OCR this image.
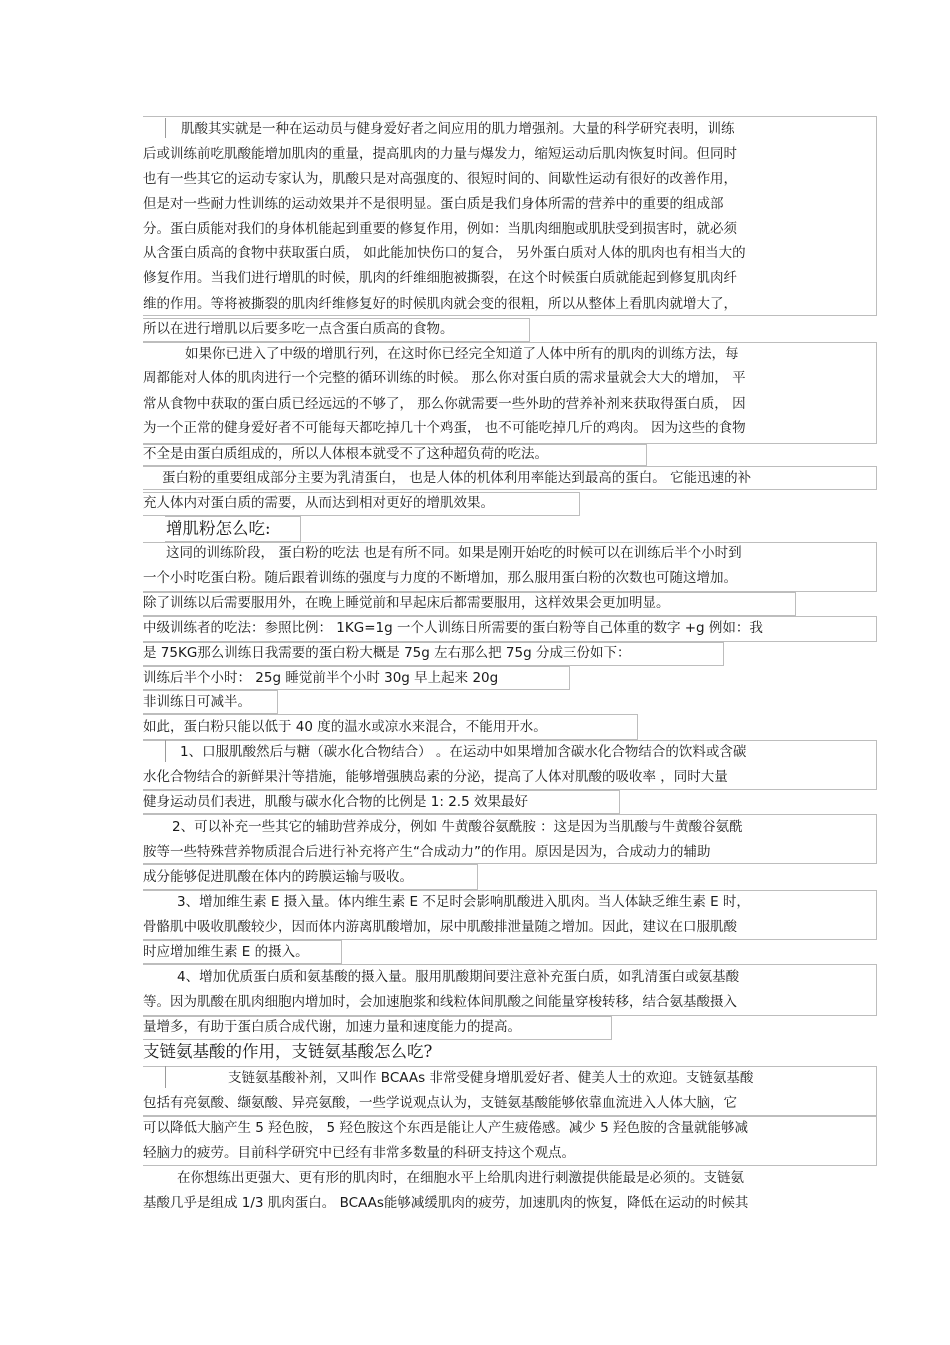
肌酸其实就是一种在运动员与健身爱好者之间应用的肌力增强剂。大量的科学研究表明，训练
后或训练前吃肌酸能增加肌肉的重量，提高肌肉的力量与爆发力，缩短运动后肌肉恢复时间。但同时
也有一些其它的运动专家认为，肌酸只是对高强度的、很短时间的、间歇性运动有很好的改善作用，
但是对一些耐力性训练的运动效果并不是很明显。蛋白质是我们身体所需的营养中的重要的组成部
分。蛋白质能对我们的身体机能起到重要的修复作用，例如：当肌肉细胞或肌肤受到损害时，就必须
从含蛋白质高的食物中获取蛋白质， 如此能加快伤口的复合， 另外蛋白质对人体的肌肉也有相当大的
修复作用。当我们进行增肌的时候，肌肉的纤维细胞被撕裂，在这个时候蛋白质就能起到修复肌肉纤
维的作用。等将被撕裂的肌肉纤维修复好的时候肌肉就会变的很粗，所以从整体上看肌肉就增大了，
所以在进行增肌以后要多吃一点含蛋白质高的食物。
如果你已进入了中级的增肌行列，在这时你已经完全知道了人体中所有的肌肉的训练方法，每
周都能对人体的肌肉进行一个完整的循环训练的时候。 那么你对蛋白质的需求量就会大大的增加， 平
常从食物中获取的蛋白质已经远远的不够了， 那么你就需要一些外助的营养补剂来获取得蛋白质， 因
为一个正常的健身爱好者不可能每天都吃掉几十个鸡蛋， 也不可能吃掉几斤的鸡肉。 因为这些的食物
不全是由蛋白质组成的，所以人体根本就受不了这种超负荷的吃法。
蛋白粉的重要组成部分主要为乳清蛋白， 也是人体的机体利用率能达到最高的蛋白。 它能迅速的补
充人体内对蛋白质的需要，从而达到相对更好的增肌效果。
增肌粉怎么吃:
这同的训练阶段， 蛋白粉的吃法 也是有所不同。如果是刚开始吃的时候可以在训练后半个小时到
一个小时吃蛋白粉。随后跟着训练的强度与力度的不断增加，那么服用蛋白粉的次数也可随这增加。
除了训练以后需要服用外，在晚上睡觉前和早起床后都需要服用，这样效果会更加明显。
中级训练者的吃法：参照比例： 1KG=1g 一个人训练日所需要的蛋白粉等自己体重的数字 +g 例如：我
是 75KG那么训练日我需要的蛋白粉大概是 75g 左右那么把 75g 分成三份如下：
训练后半个小时： 25g 睡觉前半个小时 30g 早上起来 20g
非训练日可减半。
如此，蛋白粉只能以低于 40 度的温水或凉水来混合，不能用开水。
1、口服肌酸然后与糖（碳水化合物结合） 。在运动中如果增加含碳水化合物结合的饮料或含碳
水化合物结合的新鲜果汁等措施，能够增强胰岛素的分泌，提高了人体对肌酸的吸收率 ，同时大量
健身运动员们表进，肌酸与碳水化合物的比例是 1: 2.5 效果最好
2、可以补充一些其它的辅助营养成分，例如 牛黄酸谷氨酰胺 ：这是因为当肌酸与牛黄酸谷氨酰
胺等一些特殊营养物质混合后进行补充将产生“合成动力”的作用。原因是因为，合成动力的辅助
成分能够促进肌酸在体内的跨膜运输与吸收。
3、增加维生素 E 摄入量。体内维生素 E 不足时会影响肌酸进入肌肉。当人体缺乏维生素 E 时，
骨骼肌中吸收肌酸较少，因而体内游离肌酸增加，尿中肌酸排泄量随之增加。因此，建议在口服肌酸
时应增加维生素 E 的摄入。
4、增加优质蛋白质和氨基酸的摄入量。服用肌酸期间要注意补充蛋白质，如乳清蛋白或氨基酸
等。因为肌酸在肌肉细胞内增加时，会加速胞浆和线粒体间肌酸之间能量穿梭转移，结合氨基酸摄入
量增多，有助于蛋白质合成代谢，加速力量和速度能力的提高。
支链氨基酸的作用，支链氨基酸怎么吃?
支链氨基酸补剂，又叫作 BCAAs 非常受健身增肌爱好者、健美人士的欢迎。支链氨基酸
包括有亮氨酸、缬氨酸、异亮氨酸，一些学说观点认为，支链氨基酸能够依靠血流进入人体大脑，它
可以降低大脑产生 5 羟色胺， 5 羟色胺这个东西是能让人产生疲倦感。减少 5 羟色胺的含量就能够减
轻脑力的疲劳。目前科学研究中已经有非常多数量的科研支持这个观点。
在你想练出更强大、更有形的肌肉时，在细胞水平上给肌肉进行刺激提供能最是必须的。支链氨
基酸几乎是组成 1/3 肌肉蛋白。 BCAAs能够减缓肌肉的疲劳，加速肌肉的恢复，降低在运动的时候其
